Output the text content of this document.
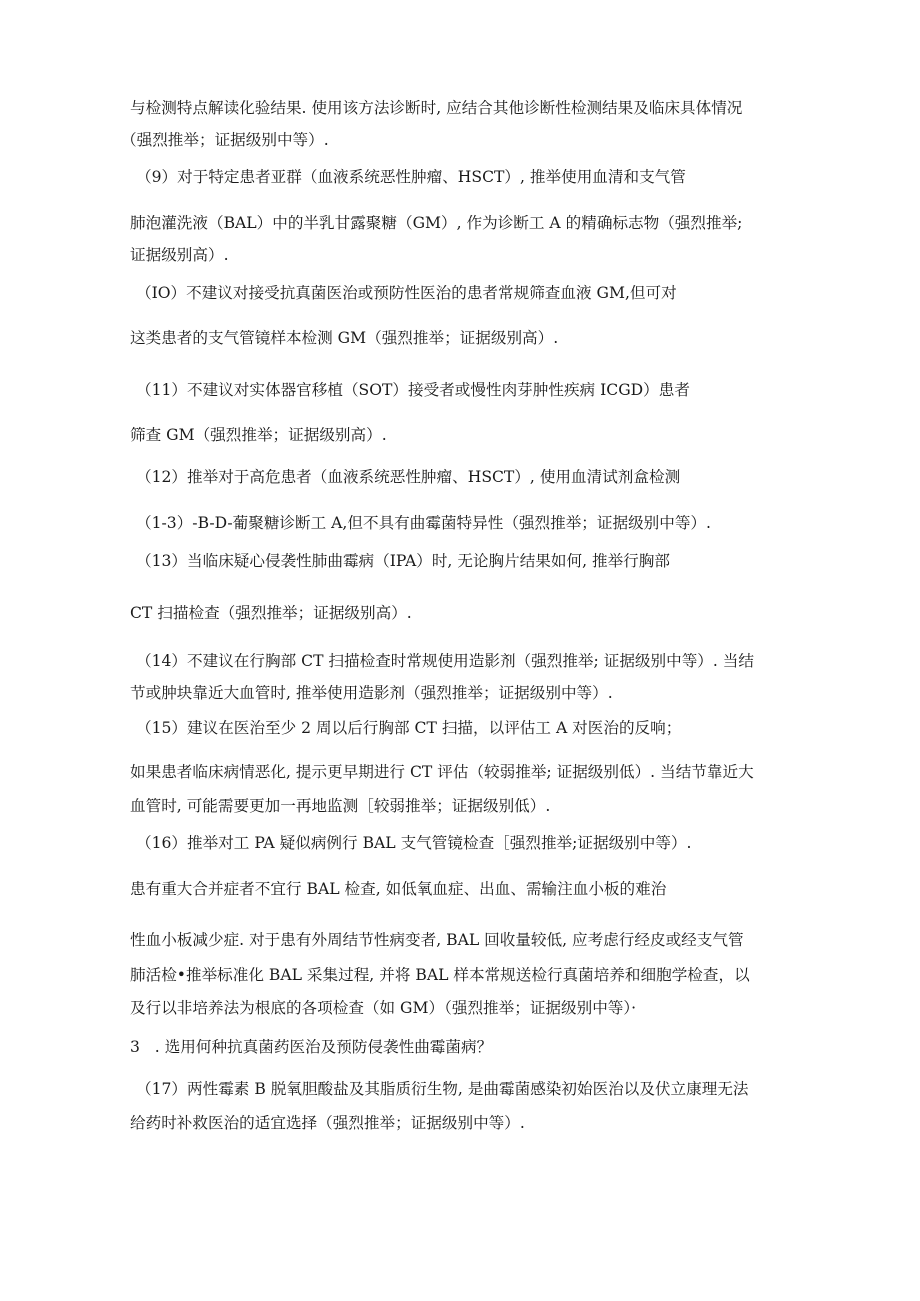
与检测特点解读化验结果. 使用该方法诊断时, 应结合其他诊断性检测结果及临床具体情况
（强烈推举；证据级别中等）.
（9）对于特定患者亚群（血液系统恶性肿瘤、HSCT）, 推举使用血清和支气管
肺泡灌洗液（BAL）中的半乳甘露聚糖（GM）, 作为诊断工 A 的精确标志物（强烈推举;
证据级别高）.
（IO）不建议对接受抗真菌医治或预防性医治的患者常规筛查血液 GM,但可对
这类患者的支气管镜样本检测 GM（强烈推举；证据级别高）.
（11）不建议对实体器官移植（SOT）接受者或慢性肉芽肿性疾病 ICGD）患者
筛查 GM（强烈推举；证据级别高）.
（12）推举对于高危患者（血液系统恶性肿瘤、HSCT）, 使用血清试剂盒检测
（1-3）-B-D-葡聚糖诊断工 A,但不具有曲霉菌特异性（强烈推举；证据级别中等）.
（13）当临床疑心侵袭性肺曲霉病（IPA）时, 无论胸片结果如何, 推举行胸部
CT 扫描检查（强烈推举；证据级别高）.
（14）不建议在行胸部 CT 扫描检查时常规使用造影剂（强烈推举; 证据级别中等）. 当结
节或肿块靠近大血管时, 推举使用造影剂（强烈推举；证据级别中等）.
（15）建议在医治至少 2 周以后行胸部 CT 扫描，以评估工 A 对医治的反响；
如果患者临床病情恶化, 提示更早期进行 CT 评估（较弱推举; 证据级别低）. 当结节靠近大
血管时, 可能需要更加一再地监测［较弱推举；证据级别低）.
（16）推举对工 PA 疑似病例行 BAL 支气管镜检查［强烈推举;证据级别中等）.
患有重大合并症者不宜行 BAL 检查, 如低氧血症、出血、需输注血小板的难治
性血小板减少症. 对于患有外周结节性病变者, BAL 回收量较低, 应考虑行经皮或经支气管
肺活检•推举标准化 BAL 采集过程, 并将 BAL 样本常规送检行真菌培养和细胞学检查，以
及行以非培养法为根底的各项检查（如 GM）（强烈推举；证据级别中等）·
3   . 选用何种抗真菌药医治及预防侵袭性曲霉菌病？
（17）两性霉素 B 脱氧胆酸盐及其脂质衍生物, 是曲霉菌感染初始医治以及伏立康理无法
给药时补救医治的适宜选择（强烈推举；证据级别中等）.
